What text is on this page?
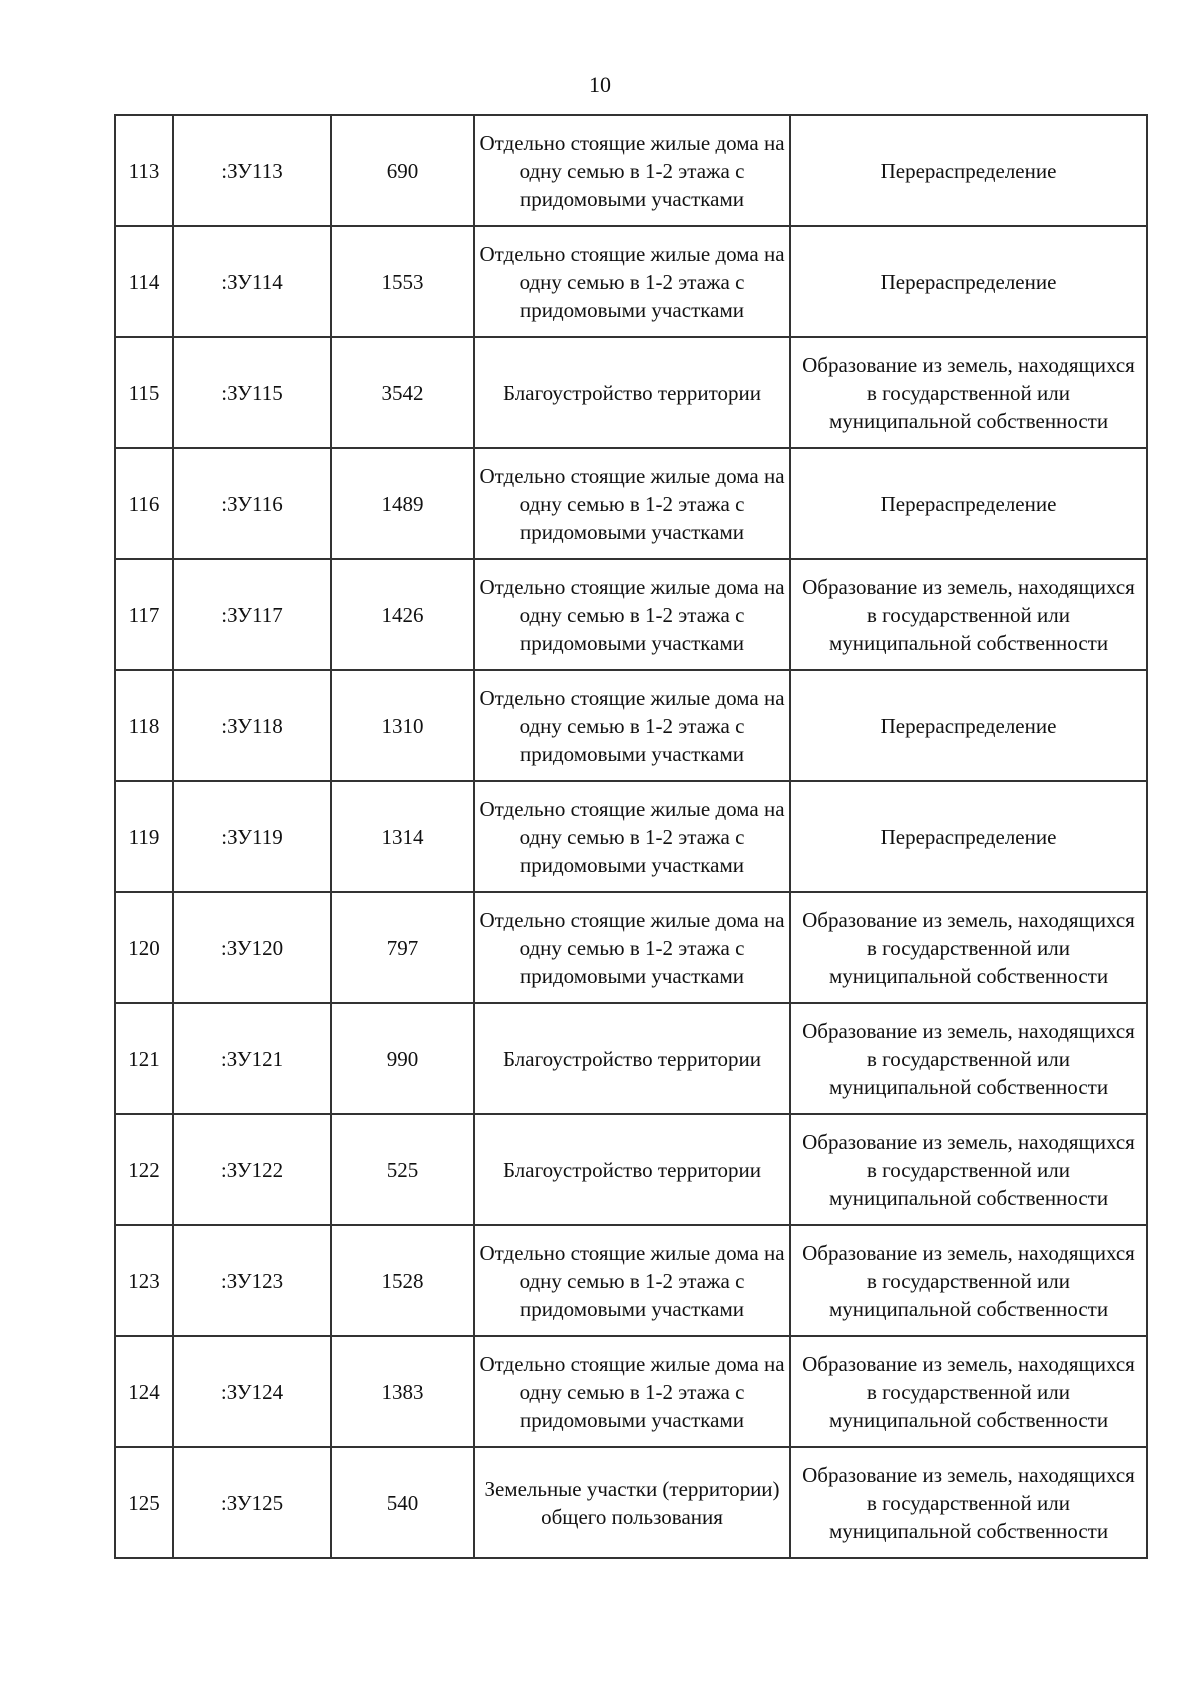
10
113	:ЗУ113	690	Отдельно стоящие жилые дома на одну семью в 1-2 этажа с придомовыми участками	Перераспределение
114	:ЗУ114	1553	Отдельно стоящие жилые дома на одну семью в 1-2 этажа с придомовыми участками	Перераспределение
115	:ЗУ115	3542	Благоустройство территории	Образование из земель, находящихся в государственной или муниципальной собственности
116	:ЗУ116	1489	Отдельно стоящие жилые дома на одну семью в 1-2 этажа с придомовыми участками	Перераспределение
117	:ЗУ117	1426	Отдельно стоящие жилые дома на одну семью в 1-2 этажа с придомовыми участками	Образование из земель, находящихся в государственной или муниципальной собственности
118	:ЗУ118	1310	Отдельно стоящие жилые дома на одну семью в 1-2 этажа с придомовыми участками	Перераспределение
119	:ЗУ119	1314	Отдельно стоящие жилые дома на одну семью в 1-2 этажа с придомовыми участками	Перераспределение
120	:ЗУ120	797	Отдельно стоящие жилые дома на одну семью в 1-2 этажа с придомовыми участками	Образование из земель, находящихся в государственной или муниципальной собственности
121	:ЗУ121	990	Благоустройство территории	Образование из земель, находящихся в государственной или муниципальной собственности
122	:ЗУ122	525	Благоустройство территории	Образование из земель, находящихся в государственной или муниципальной собственности
123	:ЗУ123	1528	Отдельно стоящие жилые дома на одну семью в 1-2 этажа с придомовыми участками	Образование из земель, находящихся в государственной или муниципальной собственности
124	:ЗУ124	1383	Отдельно стоящие жилые дома на одну семью в 1-2 этажа с придомовыми участками	Образование из земель, находящихся в государственной или муниципальной собственности
125	:ЗУ125	540	Земельные участки (территории) общего пользования	Образование из земель, находящихся в государственной или муниципальной собственности
